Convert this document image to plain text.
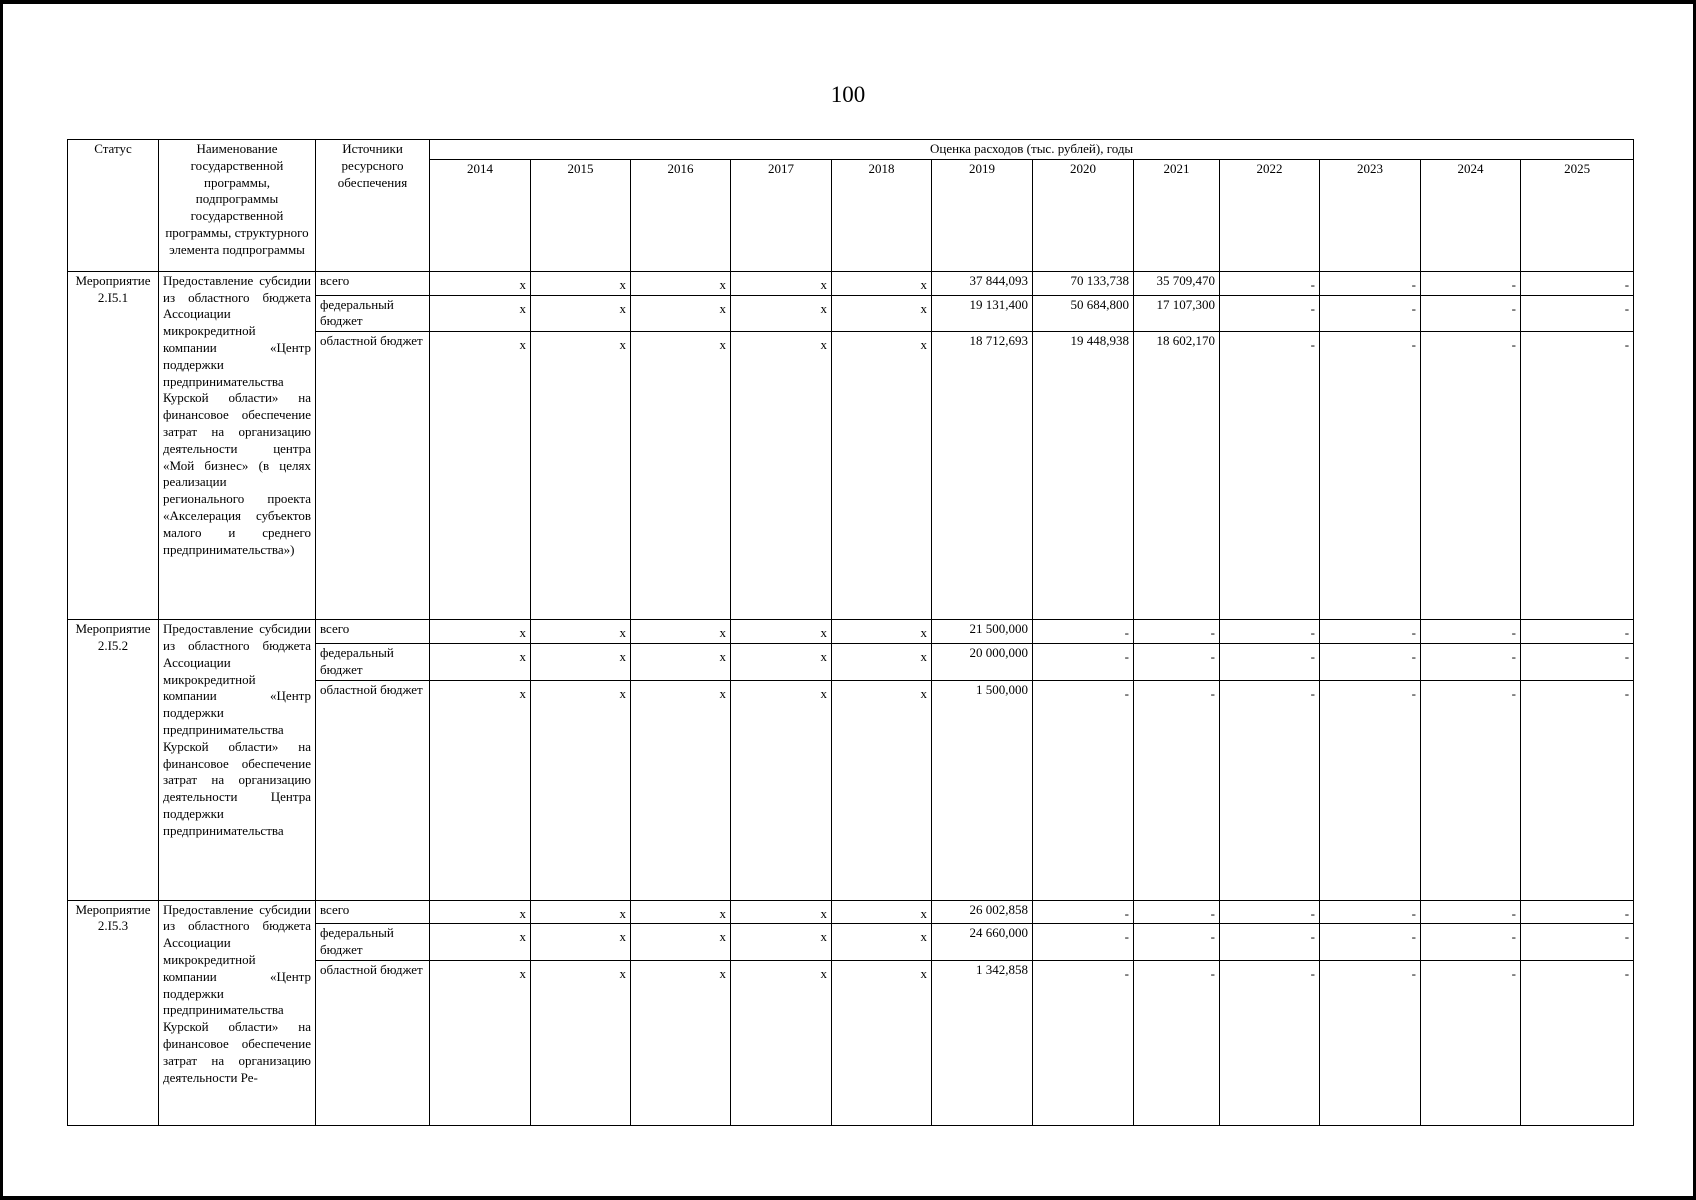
100
Статус	Наименование государственной программы, подпрограммы государственной программы, структурного элемента подпрограммы	Источники ресурсного обеспечения	Оценка расходов (тыс. рублей), годы											
			2014	2015	2016	2017	2018	2019	2020	2021	2022	2023	2024	2025
Мероприятие 2.I5.1	Предоставление субсидии из областного бюджета Ассоциации микрокредитной компании «Центр поддержки предпринимательства Курской области» на финансовое обеспечение затрат на организацию деятельности центра «Мой бизнес» (в целях реализации регионального проекта «Акселерация субъектов малого и среднего предпринимательства»)	всего	x	x	x	x	x	37 844,093	70 133,738	35 709,470	-	-	-	-
		федеральный бюджет	x	x	x	x	x	19 131,400	50 684,800	17 107,300	-	-	-	-
		областной бюджет	x	x	x	x	x	18 712,693	19 448,938	18 602,170	-	-	-	-
Мероприятие 2.I5.2	Предоставление субсидии из областного бюджета Ассоциации микрокредитной компании «Центр поддержки предпринимательства Курской области» на финансовое обеспечение затрат на организацию деятельности Центра поддержки предпринимательства	всего	x	x	x	x	x	21 500,000	-	-	-	-	-	-
		федеральный бюджет	x	x	x	x	x	20 000,000	-	-	-	-	-	-
		областной бюджет	x	x	x	x	x	1 500,000	-	-	-	-	-	-
Мероприятие 2.I5.3	Предоставление субсидии из областного бюджета Ассоциации микрокредитной компании «Центр поддержки предпринимательства Курской области» на финансовое обеспечение затрат на организацию деятельности Ре-	всего	x	x	x	x	x	26 002,858	-	-	-	-	-	-
		федеральный бюджет	x	x	x	x	x	24 660,000	-	-	-	-	-	-
		областной бюджет	x	x	x	x	x	1 342,858	-	-	-	-	-	-
